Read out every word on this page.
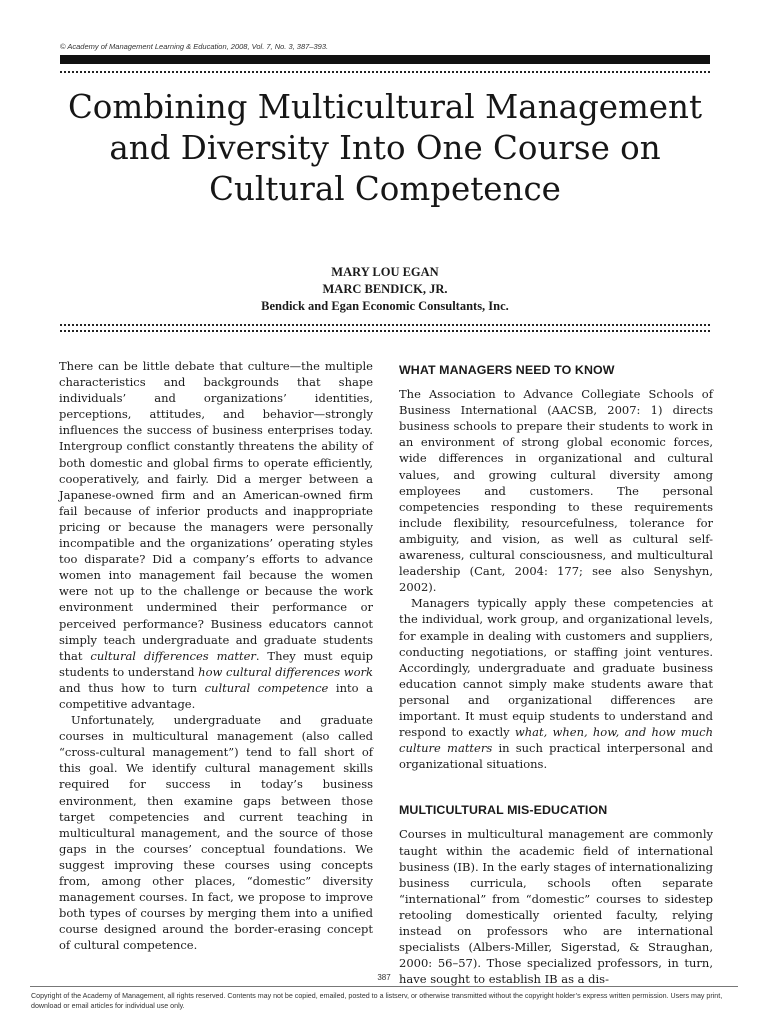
© Academy of Management Learning & Education, 2008, Vol. 7, No. 3, 387–393.
Combining Multicultural Management and Diversity Into One Course on Cultural Competence
MARY LOU EGAN
MARC BENDICK, JR.
Bendick and Egan Economic Consultants, Inc.

There can be little debate that culture—the multiple characteristics and backgrounds that shape individuals’ and organizations’ identities, perceptions, attitudes, and behavior—strongly influences the success of business enterprises today. Intergroup conflict constantly threatens the ability of both domestic and global firms to operate efficiently, cooperatively, and fairly. Did a merger between a Japanese-owned firm and an American-owned firm fail because of inferior products and inappropriate pricing or because the managers were personally incompatible and the organizations’ operating styles too disparate? Did a company’s efforts to advance women into management fail because the women were not up to the challenge or because the work environment undermined their performance or perceived performance? Business educators cannot simply teach undergraduate and graduate students that cultural differences matter. They must equip students to understand how cultural differences work and thus how to turn cultural competence into a competitive advantage.

Unfortunately, undergraduate and graduate courses in multicultural management (also called “cross-cultural management”) tend to fall short of this goal. We identify cultural management skills required for success in today’s business environment, then examine gaps between those target competencies and current teaching in multicultural management, and the source of those gaps in the courses’ conceptual foundations. We suggest improving these courses using concepts from, among other places, “domestic” diversity management courses. In fact, we propose to improve both types of courses by merging them into a unified course designed around the border-erasing concept of cultural competence.

WHAT MANAGERS NEED TO KNOW

The Association to Advance Collegiate Schools of Business International (AACSB, 2007: 1) directs business schools to prepare their students to work in an environment of strong global economic forces, wide differences in organizational and cultural values, and growing cultural diversity among employees and customers. The personal competencies responding to these requirements include flexibility, resourcefulness, tolerance for ambiguity, and vision, as well as cultural self-awareness, cultural consciousness, and multicultural leadership (Cant, 2004: 177; see also Senyshyn, 2002).

Managers typically apply these competencies at the individual, work group, and organizational levels, for example in dealing with customers and suppliers, conducting negotiations, or staffing joint ventures. Accordingly, undergraduate and graduate business education cannot simply make students aware that personal and organizational differences are important. It must equip students to understand and respond to exactly what, when, how, and how much culture matters in such practical interpersonal and organizational situations.

MULTICULTURAL MIS-EDUCATION

Courses in multicultural management are commonly taught within the academic field of international business (IB). In the early stages of internationalizing business curricula, schools often separate “international” from “domestic” courses to sidestep retooling domestically oriented faculty, relying instead on professors who are international specialists (Albers-Miller, Sigerstad, & Straughan, 2000: 56–57). Those specialized professors, in turn, have sought to establish IB as a dis-

387
Copyright of the Academy of Management, all rights reserved. Contents may not be copied, emailed, posted to a listserv, or otherwise transmitted without the copyright holder’s express written permission. Users may print, download or email articles for individual use only.
